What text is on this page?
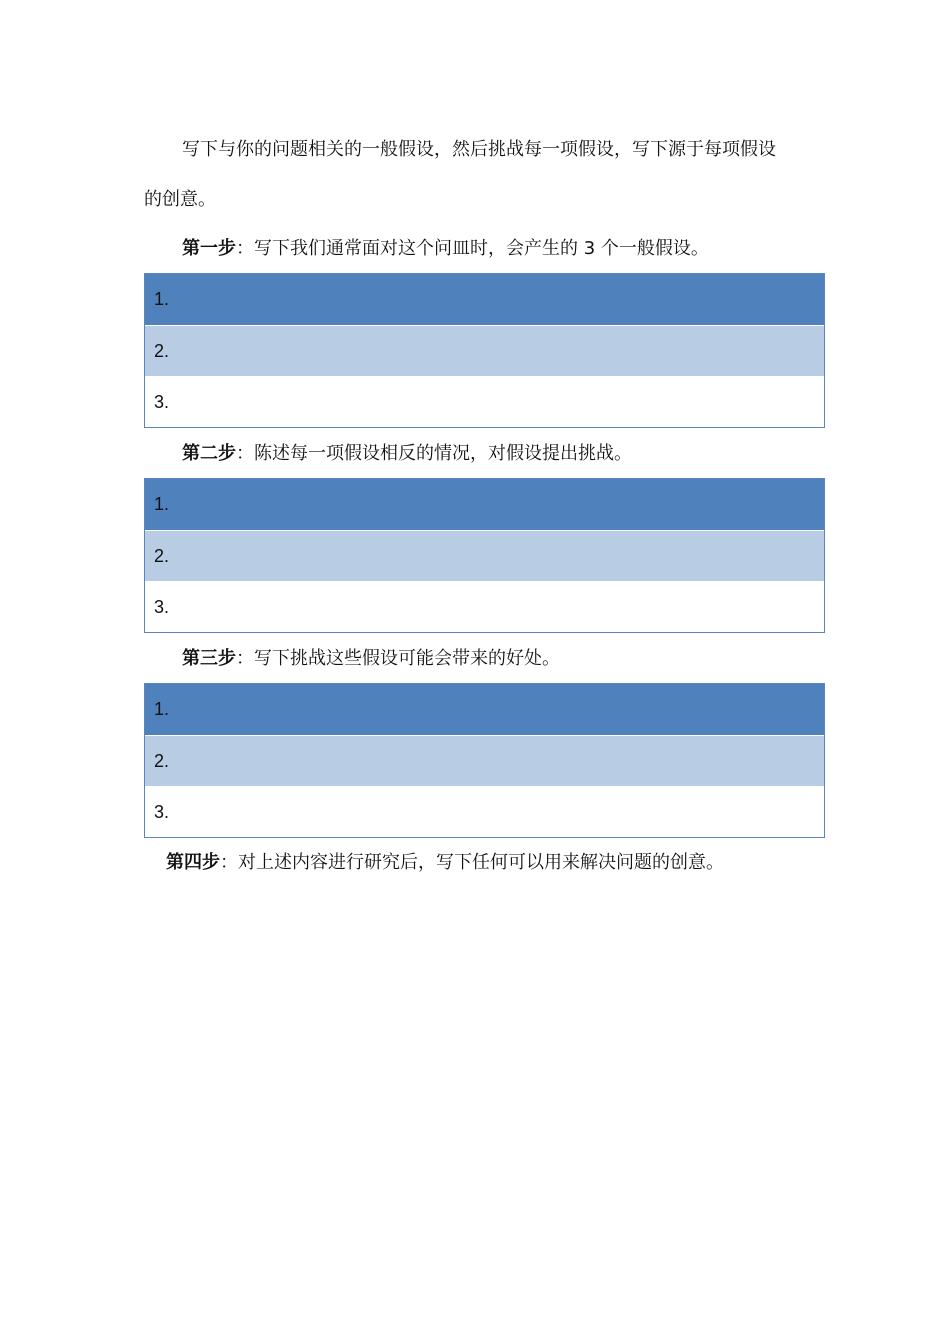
写下与你的问题相关的一般假设，然后挑战每一项假设，写下源于每项假设

的创意。

第一步：写下我们通常面对这个问皿时，会产生的 3 个一般假设。

1.
2.
3.

第二步：陈述每一项假设相反的情况，对假设提出挑战。

1.
2.
3.

第三步：写下挑战这些假设可能会带来的好处。

1.
2.
3.

第四步：对上述内容进行研究后，写下任何可以用来解决问题的创意。
